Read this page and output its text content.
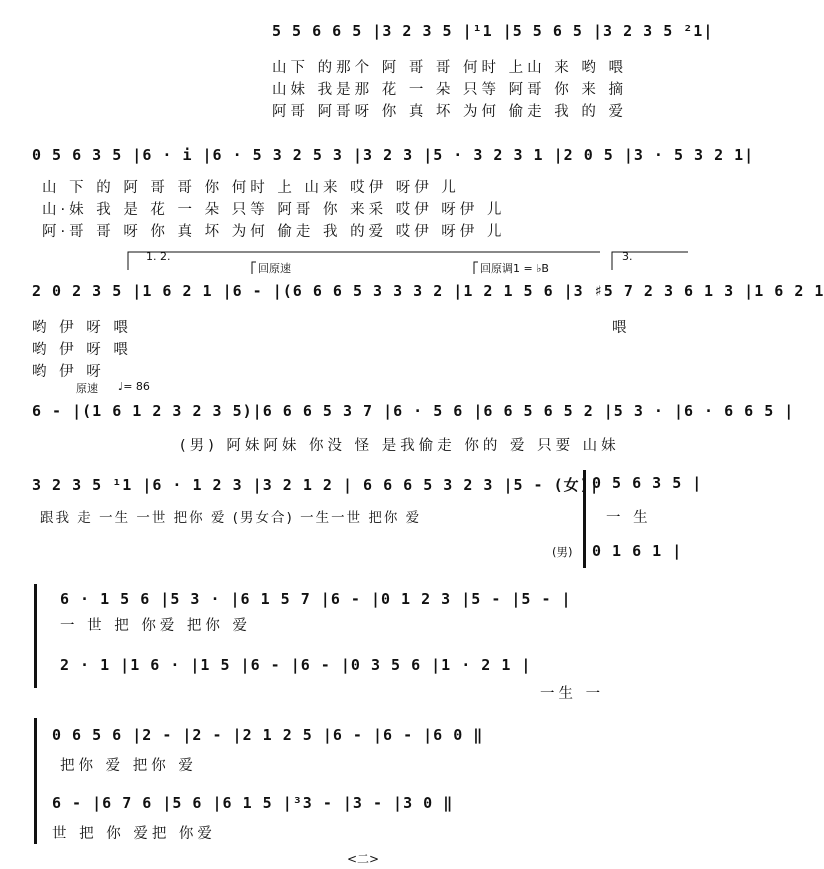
5 5 6 6 5 |3 2 3 5 |¹1 |5 5 6 5 |3 2 3 5 ²1|
山下 的那个 阿 哥 哥 何时 上山 来 哟 喂
山妹 我是那 花 一 朵 只等 阿哥 你 来 摘
阿哥 阿哥呀 你 真 坏 为何 偷走 我 的 爱
0 5 6 3 5 |6 · i |6 · 5 3 2 5 3 |3 2 3 |5 · 3 2 3 1 |2 0 5 |3 · 5 3 2 1|
山 下 的 阿 哥 哥 你 何时 上 山来 哎伊 呀伊 儿
山·妹 我 是 花 一 朵 只等 阿哥 你 来采 哎伊 呀伊 儿
阿·哥 哥 呀 你 真 坏 为何 偷走 我 的爱 哎伊 呀伊 儿
1. 2.
回原速	回原调1 = ♭B
3.
2 0 2 3 5 |1 6 2 1 |6 - |(6 6 6 5 3 3 3 2 |1 2 1 5 6 |3 ♯5 7 2 3 6 1 3 |1 6 2 1
哟 伊 呀 喂
哟 伊 呀 喂
哟 伊 呀
喂
原速 ♩= 86
6 - |(1 6 1 2 3 2 3 5)|6 6 6 5 3 7 |6 · 5 6 |6 6 5 6 5 2 |5 3 · |6 · 6 6 5 |
(男) 阿妹阿妹 你没 怪 是我偷走 你的 爱 只要 山妹
3 2 3 5 ¹1 |6 · 1 2 3 |3 2 1 2 | 6 6 6 5 3 2 3 |5 - (女)|
跟我 走 一生 一世 把你 爱 (男女合) 一生一世 把你 爱
0 5 6 3 5 |
一 生
(男) 0 1 6 1 |
6 · 1 5 6 |5 3 · |6 1 5 7 |6 - |0 1 2 3 |5 - |5 - |
一 世 把 你爱 把你 爱
2 · 1 |1 6 · |1 5 |6 - |6 - |0 3 5 6 |1 · 2 1 |
一生 一
0 6 5 6 |2 - |2 - |2 1 2 5 |6 - |6 - |6 0 ‖
把你 爱 把你 爱
6 - |6 7 6 |5 6 |6 1 5 |³3 - |3 - |3 0 ‖
世 把 你 爱把 你爱
<二>
